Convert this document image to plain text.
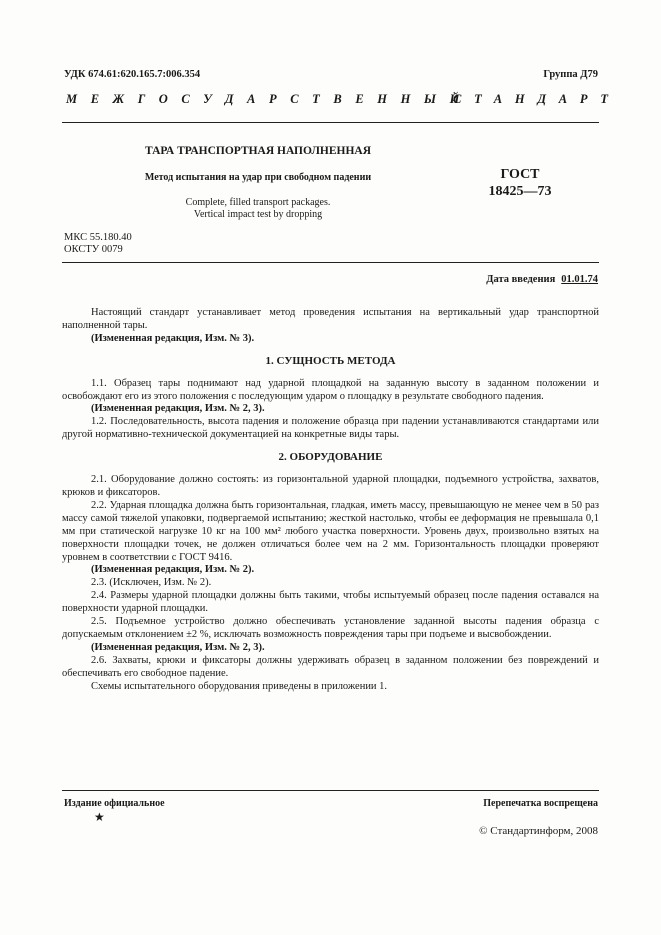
УДК 674.61:620.165.7:006.354	Группа Д79
МЕЖГОСУДАРСТВЕННЫЙ
СТАНДАРТ
ТАРА ТРАНСПОРТНАЯ НАПОЛНЕННАЯ
Метод испытания на удар при свободном падении
Complete, filled transport packages.
Vertical impact test by dropping
ГОСТ
18425—73
МКС 55.180.40
ОКСТУ 0079
Дата введения 01.01.74

Настоящий стандарт устанавливает метод проведения испытания на вертикальный удар транспортной наполненной тары.

(Измененная редакция, Изм. № 3).

1. СУЩНОСТЬ МЕТОДА

1.1. Образец тары поднимают над ударной площадкой на заданную высоту в заданном положении и освобождают его из этого положения с последующим ударом о площадку в результате свободного падения.

(Измененная редакция, Изм. № 2, 3).

1.2. Последовательность, высота падения и положение образца при падении устанавливаются стандартами или другой нормативно-технической документацией на конкретные виды тары.

2. ОБОРУДОВАНИЕ

2.1. Оборудование должно состоять: из горизонтальной ударной площадки, подъемного устройства, захватов, крюков и фиксаторов.

2.2. Ударная площадка должна быть горизонтальная, гладкая, иметь массу, превышающую не менее чем в 50 раз массу самой тяжелой упаковки, подвергаемой испытанию; жесткой настолько, чтобы ее деформация не превышала 0,1 мм при статической нагрузке 10 кг на 100 мм² любого участка поверхности. Уровень двух, произвольно взятых на поверхности площадки точек, не должен отличаться более чем на 2 мм. Горизонтальность площадки проверяют уровнем в соответствии с ГОСТ 9416.

(Измененная редакция, Изм. № 2).

2.3. (Исключен, Изм. № 2).

2.4. Размеры ударной площадки должны быть такими, чтобы испытуемый образец после падения оставался на поверхности ударной площадки.

2.5. Подъемное устройство должно обеспечивать установление заданной высоты падения образца с допускаемым отклонением ±2 %, исключать возможность повреждения тары при подъеме и высвобождении.

(Измененная редакция, Изм. № 2, 3).

2.6. Захваты, крюки и фиксаторы должны удерживать образец в заданном положении без повреждений и обеспечивать его свободное падение.

Схемы испытательного оборудования приведены в приложении 1.

Издание официальное
★
Перепечатка воспрещена
© Стандартинформ, 2008
